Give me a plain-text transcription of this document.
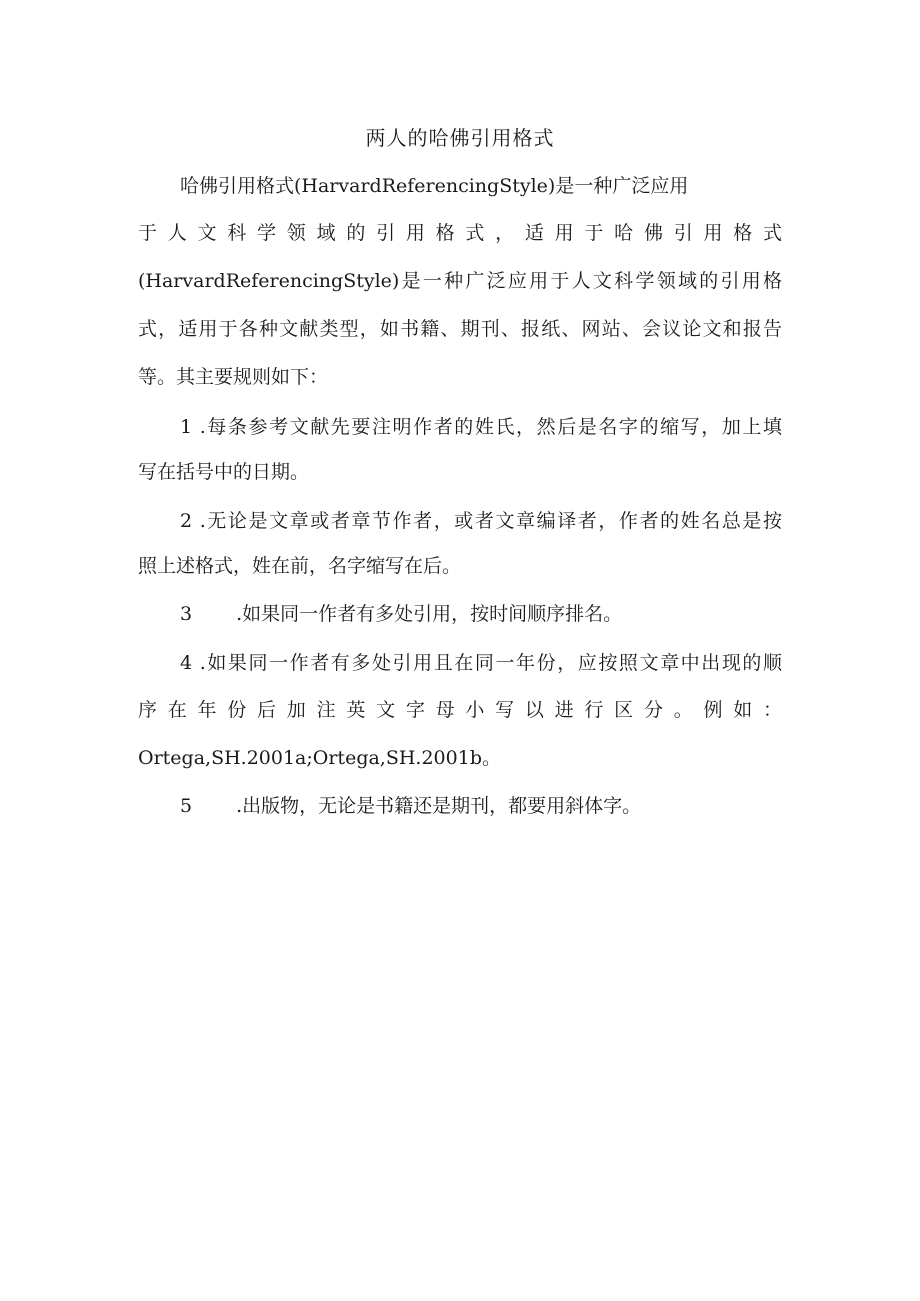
两人的哈佛引用格式
哈佛引用格式(HarvardReferencingStyle)是一种广泛应用
于 人 文 科 学 领 域 的 引 用 格 式 ， 适 用 于 哈 佛 引 用 格 式
(HarvardReferencingStyle)是一种广泛应用于人文科学领域的引用格
式，适用于各种文献类型，如书籍、期刊、报纸、网站、会议论文和报告
等。其主要规则如下：
1 .每条参考文献先要注明作者的姓氏，然后是名字的缩写，加上填
写在括号中的日期。
2 .无论是文章或者章节作者，或者文章编译者，作者的姓名总是按
照上述格式，姓在前，名字缩写在后。
3 .如果同一作者有多处引用，按时间顺序排名。
4 .如果同一作者有多处引用且在同一年份，应按照文章中出现的顺
序 在 年 份 后 加 注 英 文 字 母 小 写 以 进 行 区 分 。 例 如 ：
Ortega,SH.2001a;Ortega,SH.2001b。
5 .出版物，无论是书籍还是期刊，都要用斜体字。
